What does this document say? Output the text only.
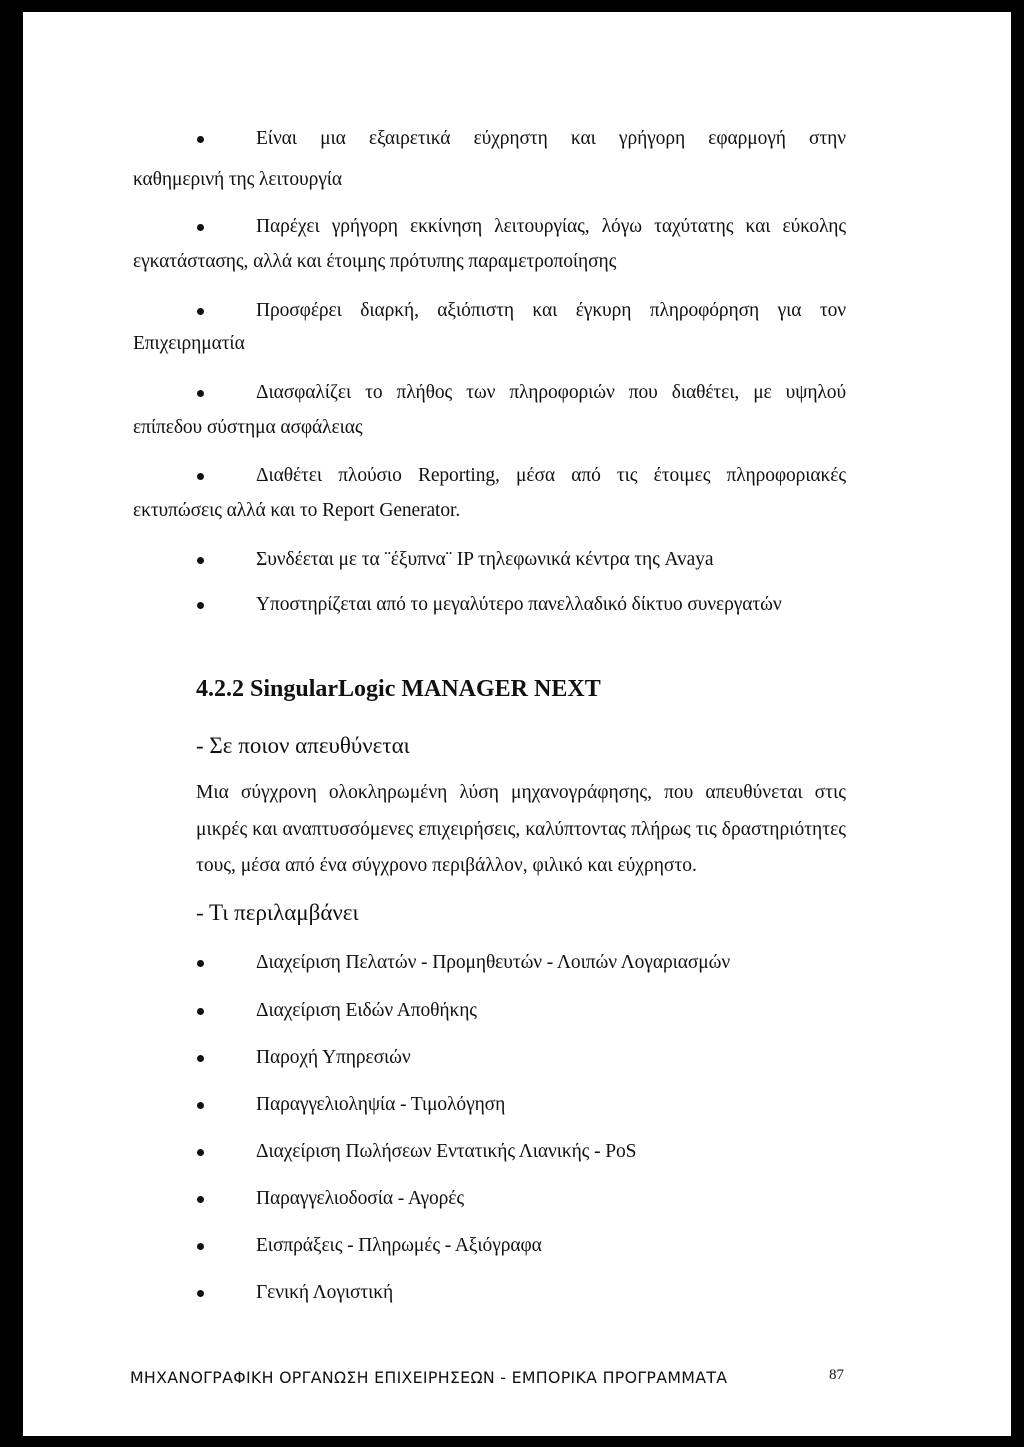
Είναι μια εξαιρετικά εύχρηστη και γρήγορη εφαρμογή στην
καθημερινή της λειτουργία
Παρέχει γρήγορη εκκίνηση λειτουργίας, λόγω ταχύτατης και εύκολης
εγκατάστασης, αλλά και έτοιμης πρότυπης παραμετροποίησης
Προσφέρει διαρκή, αξιόπιστη και έγκυρη πληροφόρηση για τον
Επιχειρηματία
Διασφαλίζει το πλήθος των πληροφοριών που διαθέτει, με υψηλού
επίπεδου σύστημα ασφάλειας
Διαθέτει πλούσιο Reporting, μέσα από τις έτοιμες πληροφοριακές
εκτυπώσεις αλλά και το Report Generator.
Συνδέεται με τα ¨έξυπνα¨ IP τηλεφωνικά κέντρα της Avaya
Υποστηρίζεται από το μεγαλύτερο πανελλαδικό δίκτυο συνεργατών
4.2.2 SingularLogic MANAGER NEXT
- Σε ποιον απευθύνεται
Μια σύγχρονη ολοκληρωμένη λύση μηχανογράφησης, που απευθύνεται στις
μικρές και αναπτυσσόμενες επιχειρήσεις, καλύπτοντας πλήρως τις δραστηριότητες
τους, μέσα από ένα σύγχρονο περιβάλλον, φιλικό και εύχρηστο.
- Τι περιλαμβάνει
Διαχείριση Πελατών - Προμηθευτών - Λοιπών Λογαριασμών
Διαχείριση Ειδών Αποθήκης
Παροχή Υπηρεσιών
Παραγγελιοληψία - Τιμολόγηση
Διαχείριση Πωλήσεων Εντατικής Λιανικής - PoS
Παραγγελιοδοσία - Αγορές
Εισπράξεις - Πληρωμές - Αξιόγραφα
Γενική Λογιστική
ΜΗΧΑΝΟΓΡΑΦΙΚΗ ΟΡΓΑΝΩΣΗ ΕΠΙΧΕΙΡΗΣΕΩΝ - ΕΜΠΟΡΙΚΑ ΠΡΟΓΡΑΜΜΑΤΑ	87
